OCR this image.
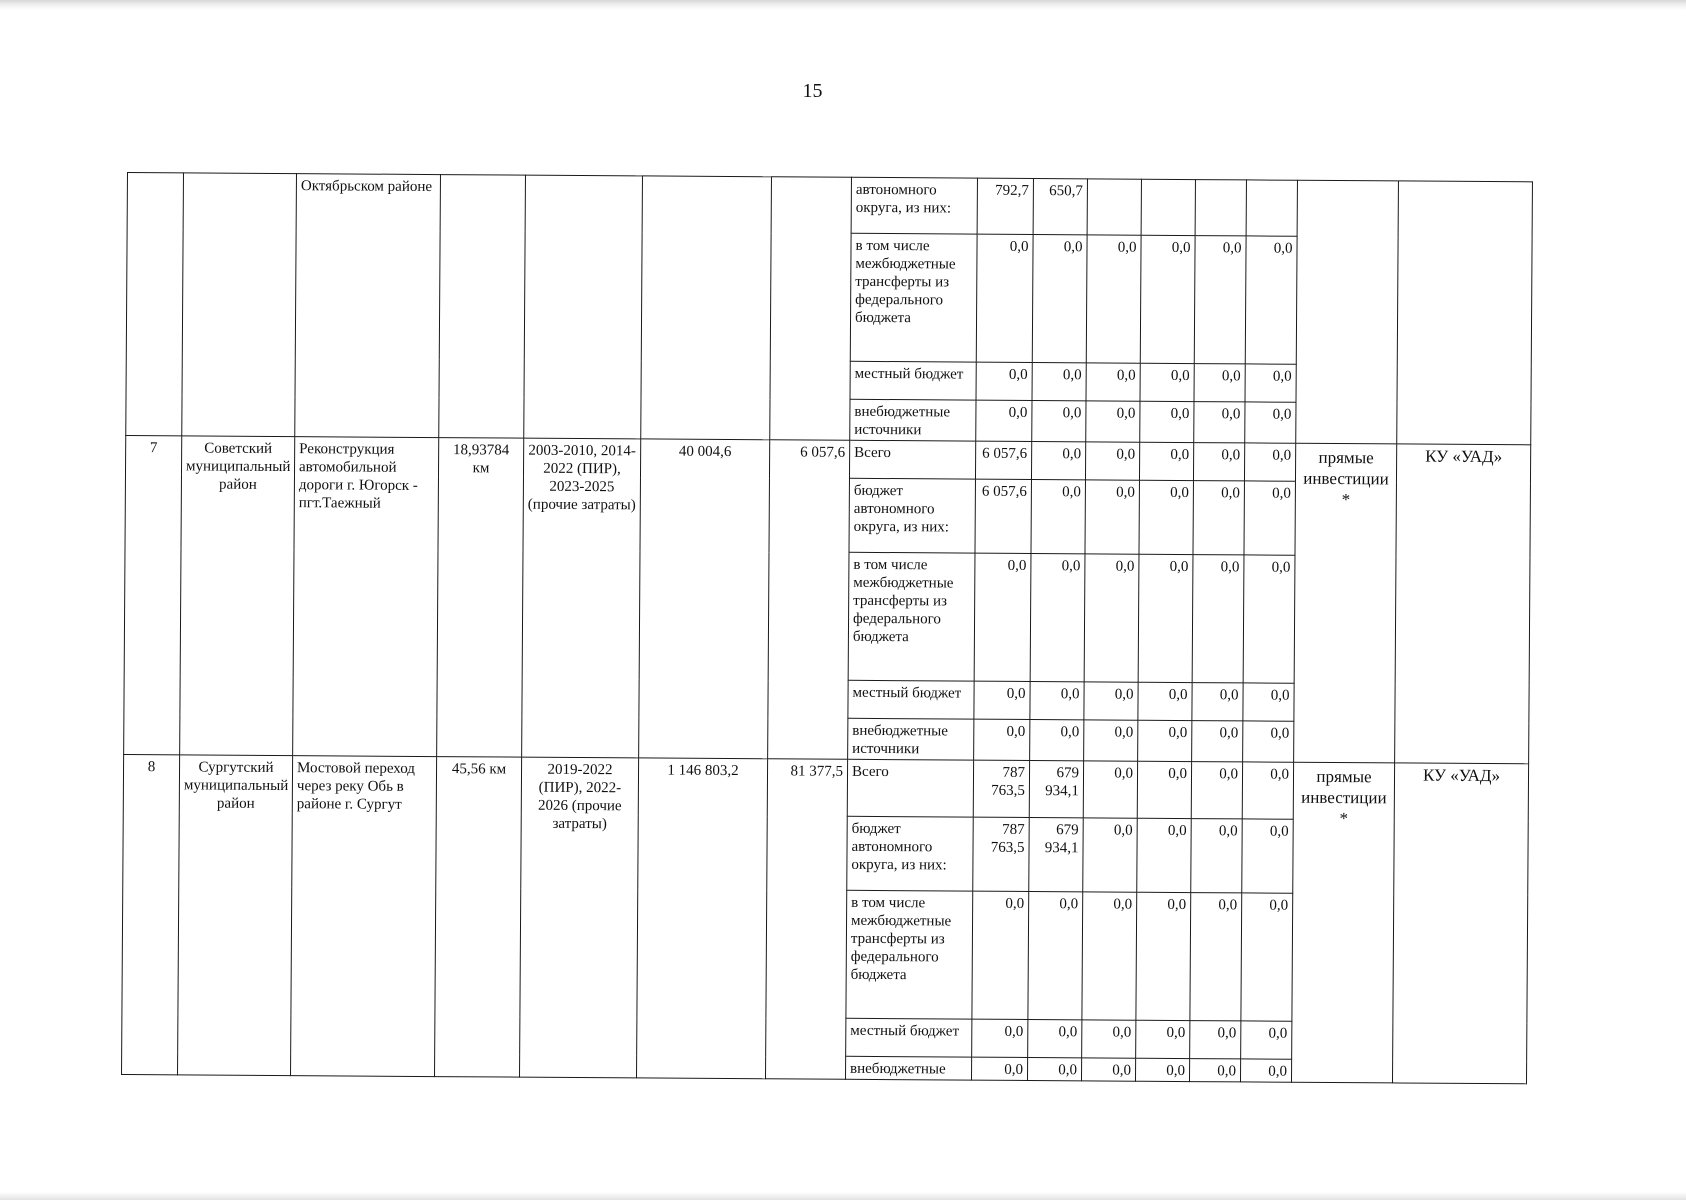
15
		Октябрьском районе					автономного округа, из них:	792,7	650,7						
							в том числе межбюджетные трансферты из федерального бюджета	0,0	0,0	0,0	0,0	0,0	0,0		
							местный бюджет	0,0	0,0	0,0	0,0	0,0	0,0		
							внебюджетные источники	0,0	0,0	0,0	0,0	0,0	0,0		
7	Советский муниципальный район	Реконструкция автомобильной дороги г. Югорск - пгт.Таежный	18,93784 км	2003-2010, 2014-2022 (ПИР), 2023-2025 (прочие затраты)	40 004,6	6 057,6	Всего	6 057,6	0,0	0,0	0,0	0,0	0,0	прямые инвестиции *	КУ «УАД»
							бюджет автономного округа, из них:	6 057,6	0,0	0,0	0,0	0,0	0,0		
							в том числе межбюджетные трансферты из федерального бюджета	0,0	0,0	0,0	0,0	0,0	0,0		
							местный бюджет	0,0	0,0	0,0	0,0	0,0	0,0		
							внебюджетные источники	0,0	0,0	0,0	0,0	0,0	0,0		
8	Сургутский муниципальный район	Мостовой переход через реку Обь в районе г. Сургут	45,56 км	2019-2022 (ПИР), 2022-2026 (прочие затраты)	1 146 803,2	81 377,5	Всего	787 763,5	679 934,1	0,0	0,0	0,0	0,0	прямые инвестиции *	КУ «УАД»
							бюджет автономного округа, из них:	787 763,5	679 934,1	0,0	0,0	0,0	0,0		
							в том числе межбюджетные трансферты из федерального бюджета	0,0	0,0	0,0	0,0	0,0	0,0		
							местный бюджет	0,0	0,0	0,0	0,0	0,0	0,0		
							внебюджетные	0,0	0,0	0,0	0,0	0,0	0,0		
